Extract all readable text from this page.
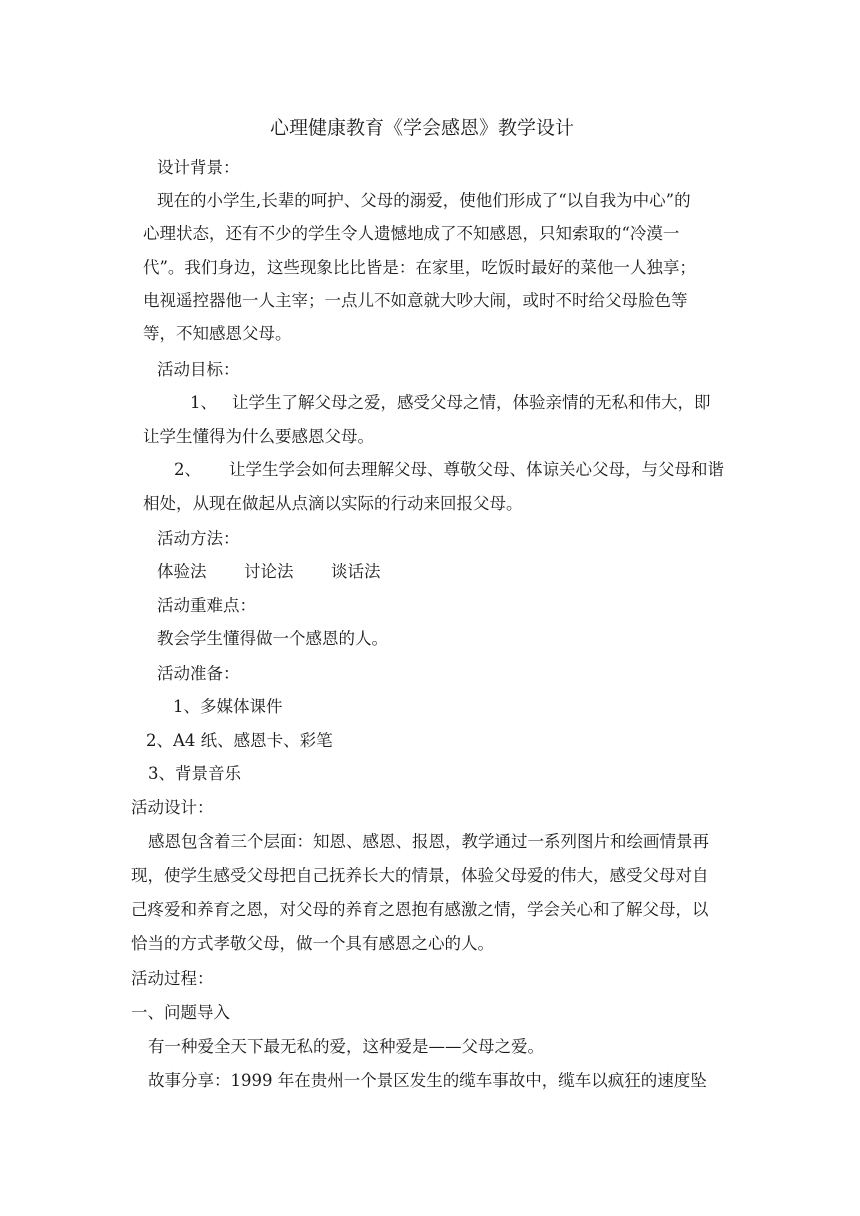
心理健康教育《学会感恩》教学设计
设计背景：
现在的小学生,长辈的呵护、父母的溺爱，使他们形成了“以自我为中心”的
心理状态，还有不少的学生令人遗憾地成了不知感恩，只知索取的“冷漠一
代”。我们身边，这些现象比比皆是：在家里，吃饭时最好的菜他一人独享；
电视遥控器他一人主宰；一点儿不如意就大吵大闹，或时不时给父母脸色等
等，不知感恩父母。
活动目标：
1、 让学生了解父母之爱，感受父母之情，体验亲情的无私和伟大，即
让学生懂得为什么要感恩父母。
2、 让学生学会如何去理解父母、尊敬父母、体谅关心父母，与父母和谐
相处，从现在做起从点滴以实际的行动来回报父母。
活动方法：
体验法 讨论法 谈话法
活动重难点：
教会学生懂得做一个感恩的人。
活动准备：
1、多媒体课件
2、A4 纸、感恩卡、彩笔
3、背景音乐
活动设计：
感恩包含着三个层面：知恩、感恩、报恩，教学通过一系列图片和绘画情景再
现，使学生感受父母把自己抚养长大的情景，体验父母爱的伟大，感受父母对自
己疼爱和养育之恩，对父母的养育之恩抱有感激之情，学会关心和了解父母，以
恰当的方式孝敬父母，做一个具有感恩之心的人。
活动过程：
一、问题导入
有一种爱全天下最无私的爱，这种爱是——父母之爱。
故事分享：1999 年在贵州一个景区发生的缆车事故中，缆车以疯狂的速度坠
